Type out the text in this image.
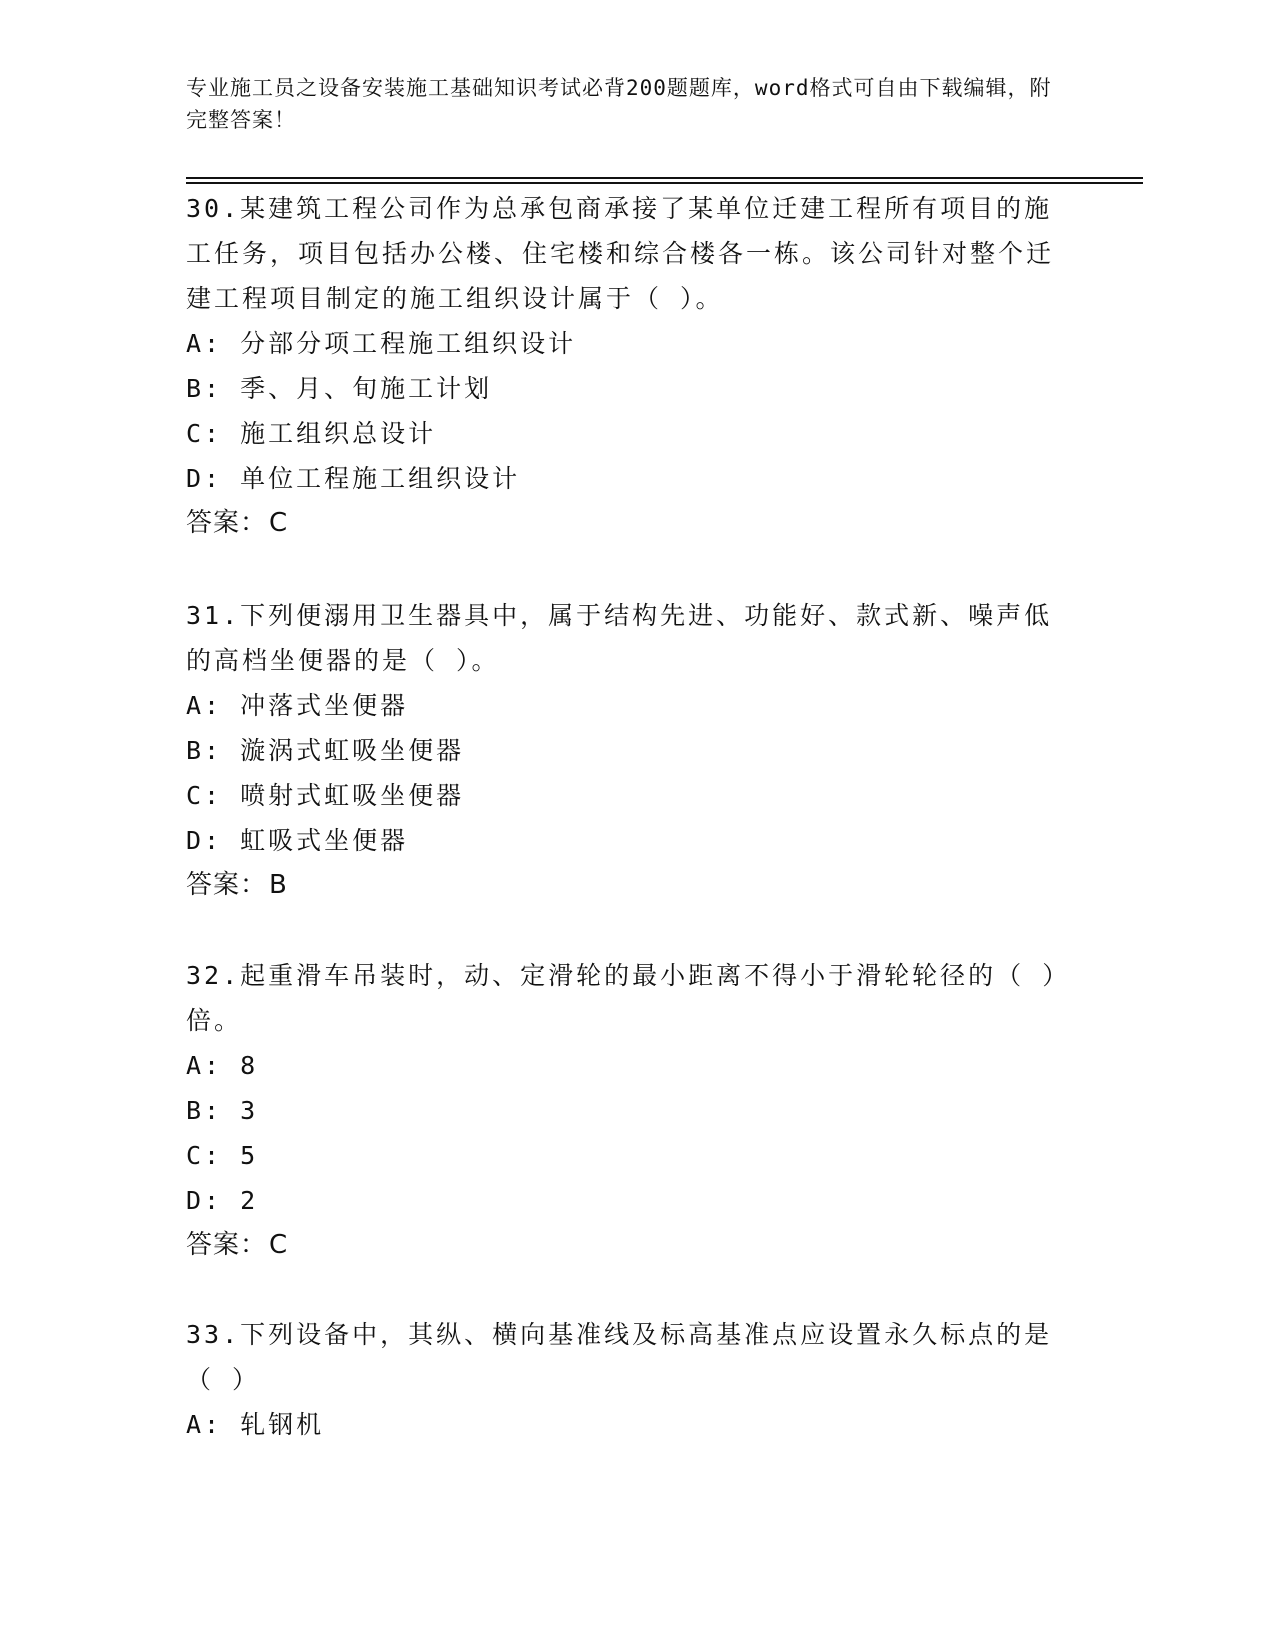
专业施工员之设备安装施工基础知识考试必背200题题库，word格式可自由下载编辑，附完整答案！
30.某建筑工程公司作为总承包商承接了某单位迁建工程所有项目的施工任务，项目包括办公楼、住宅楼和综合楼各一栋。该公司针对整个迁建工程项目制定的施工组织设计属于（ ）。
A: 分部分项工程施工组织设计
B: 季、月、旬施工计划
C: 施工组织总设计
D: 单位工程施工组织设计
答案：C
31.下列便溺用卫生器具中，属于结构先进、功能好、款式新、噪声低的高档坐便器的是（ ）。
A: 冲落式坐便器
B: 漩涡式虹吸坐便器
C: 喷射式虹吸坐便器
D: 虹吸式坐便器
答案：B
32.起重滑车吊装时，动、定滑轮的最小距离不得小于滑轮轮径的（ ）倍。
A: 8
B: 3
C: 5
D: 2
答案：C
33.下列设备中，其纵、横向基准线及标高基准点应设置永久标点的是（ ）
A: 轧钢机
